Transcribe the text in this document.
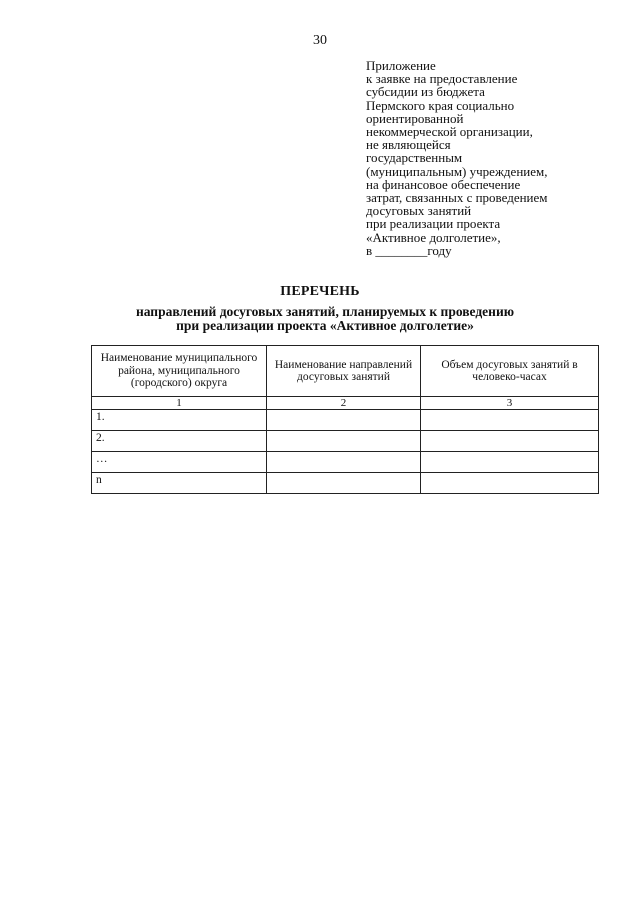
30
Приложение
к заявке на предоставление
субсидии из бюджета
Пермского края социально
ориентированной
некоммерческой организации,
не являющейся
государственным
(муниципальным) учреждением,
на финансовое обеспечение
затрат, связанных с проведением
досуговых занятий
при реализации проекта
«Активное долголетие»,
в ________году
ПЕРЕЧЕНЬ
направлений досуговых занятий, планируемых к проведению
при реализации проекта «Активное долголетие»
Наименование муниципального района, муниципального (городского) округа	Наименование направлений досуговых занятий	Объем досуговых занятий в человеко-часах
1	2	3
1.		
2.		
…		
n		
